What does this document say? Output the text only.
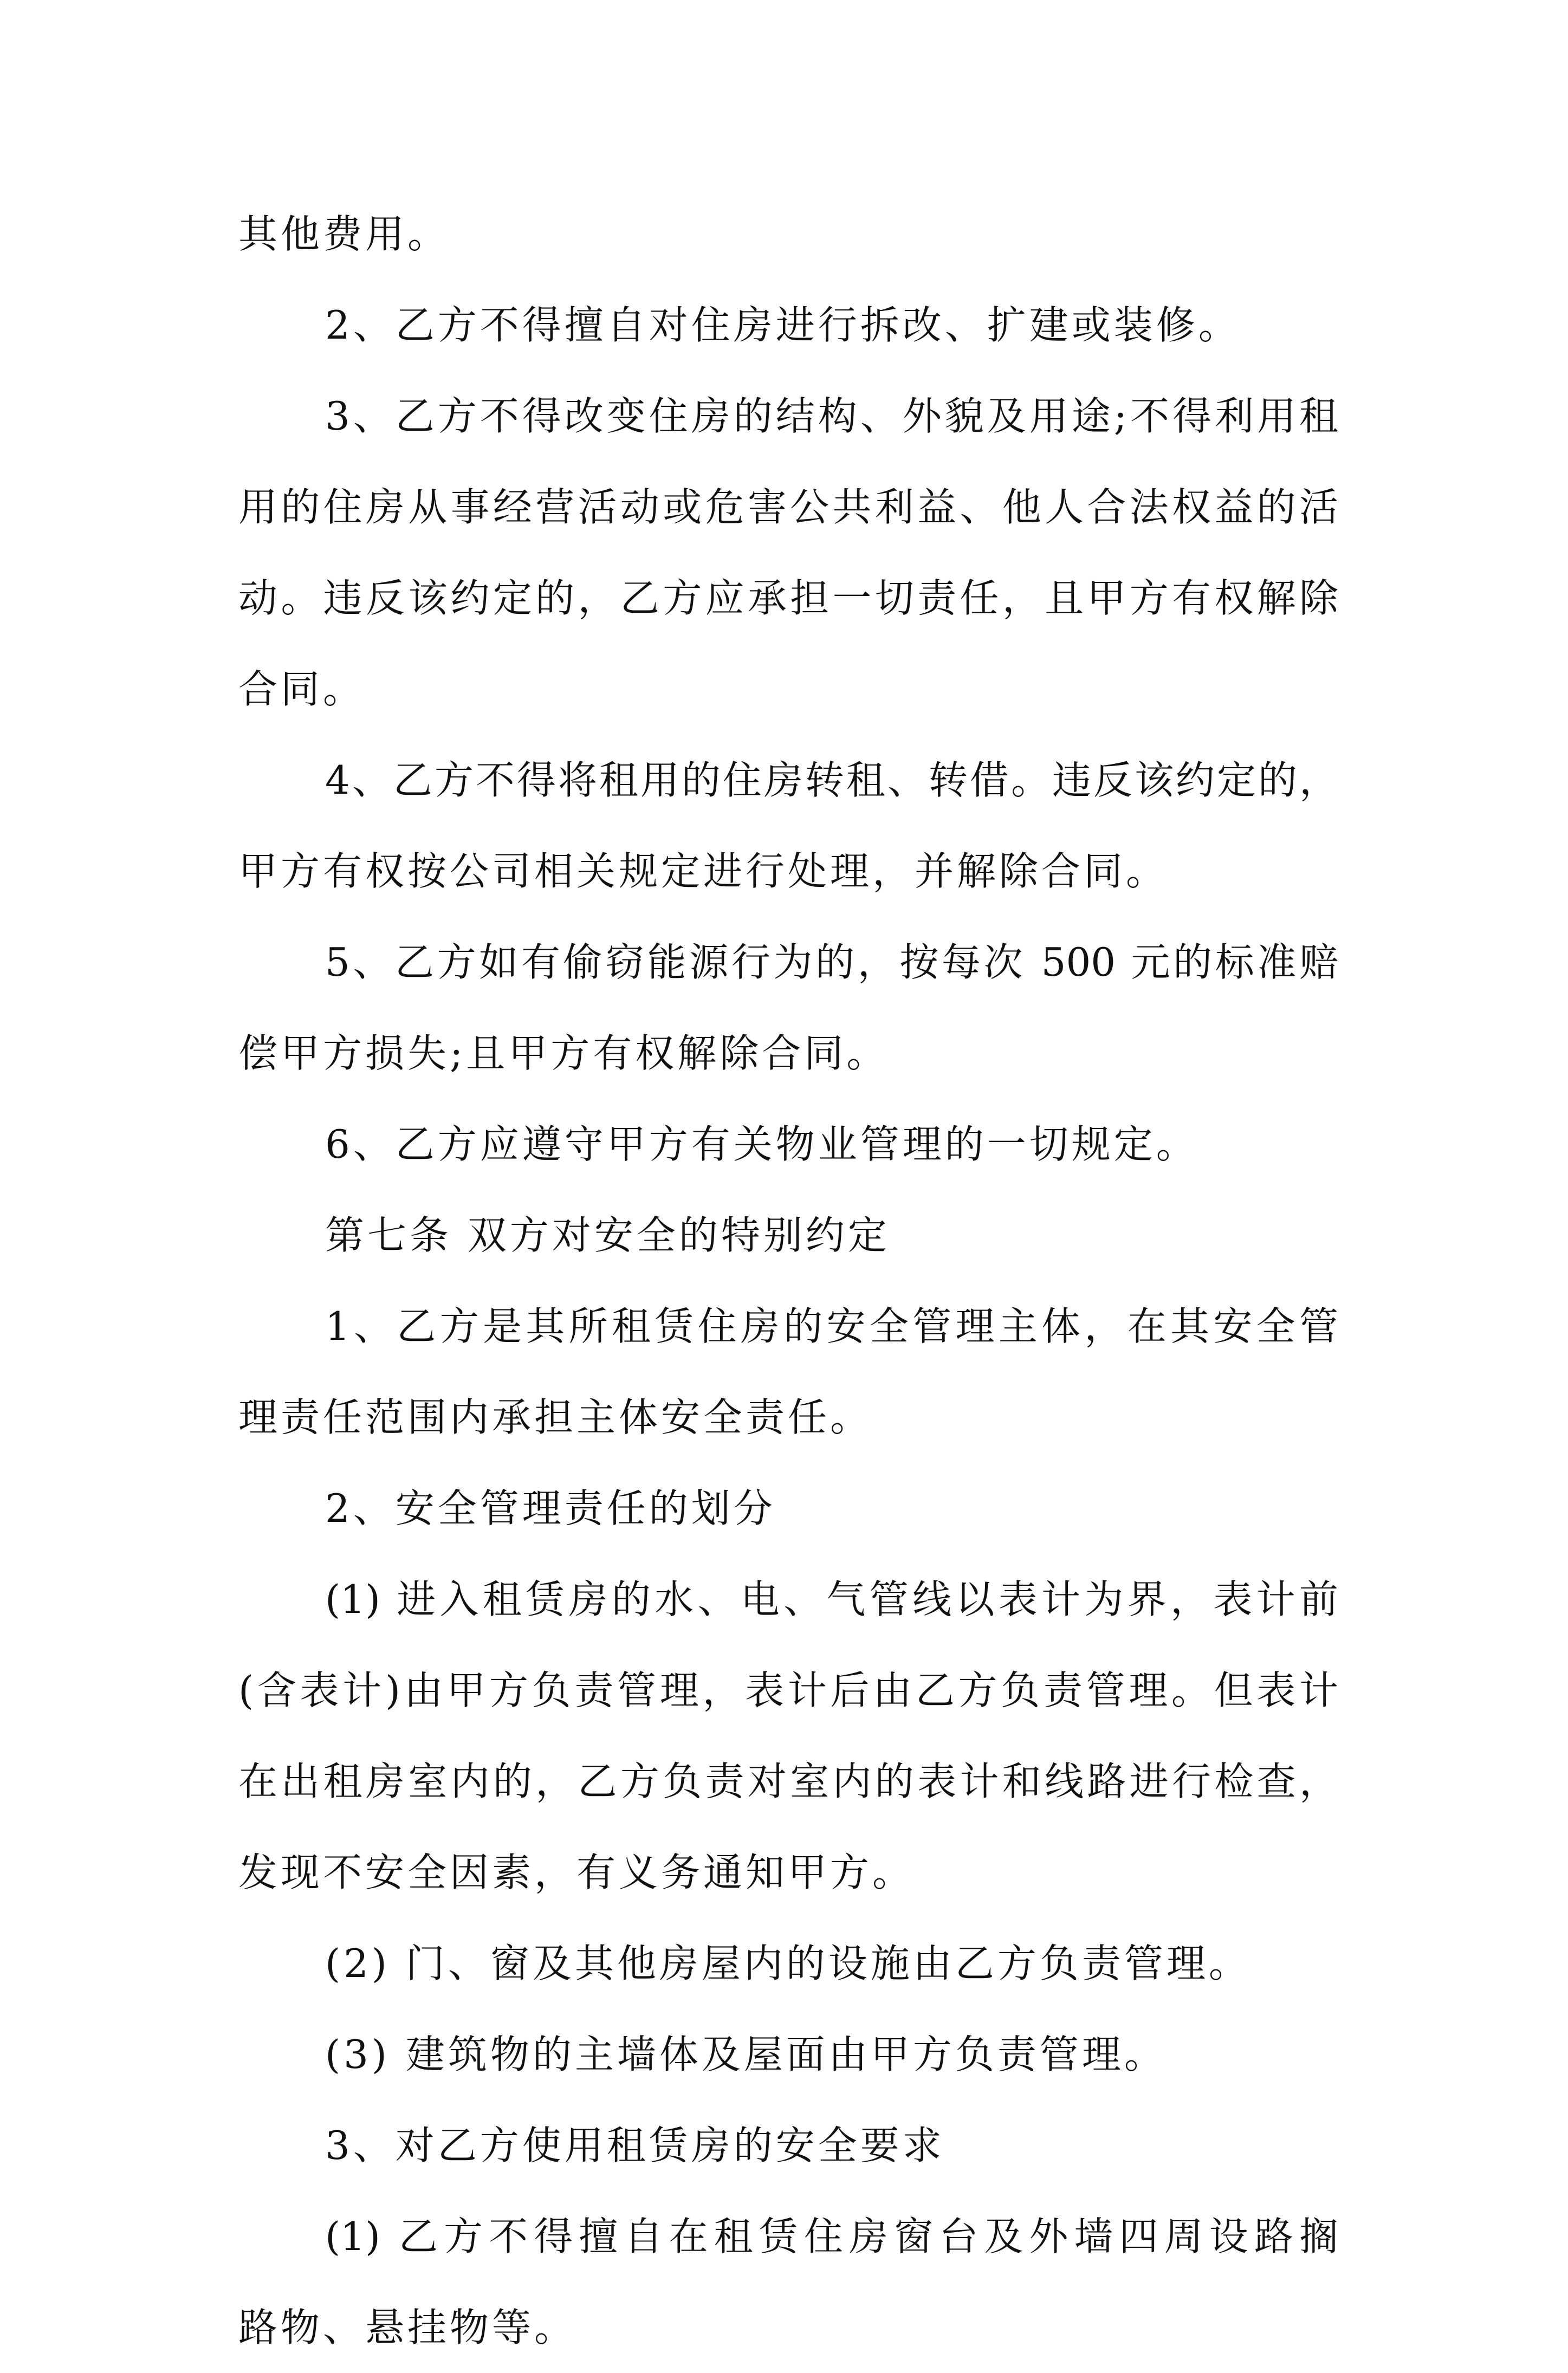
其他费用。
2、乙方不得擅自对住房进行拆改、扩建或装修。
3、乙方不得改变住房的结构、外貌及用途;不得利用租
用的住房从事经营活动或危害公共利益、他人合法权益的活
动。违反该约定的，乙方应承担一切责任，且甲方有权解除
合同。
4、乙方不得将租用的住房转租、转借。违反该约定的，
甲方有权按公司相关规定进行处理，并解除合同。
5、乙方如有偷窃能源行为的，按每次 500 元的标准赔
偿甲方损失;且甲方有权解除合同。
6、乙方应遵守甲方有关物业管理的一切规定。
第七条 双方对安全的特别约定
1、乙方是其所租赁住房的安全管理主体，在其安全管
理责任范围内承担主体安全责任。
2、安全管理责任的划分
(1) 进入租赁房的水、电、气管线以表计为界，表计前
(含表计)由甲方负责管理，表计后由乙方负责管理。但表计
在出租房室内的，乙方负责对室内的表计和线路进行检查，
发现不安全因素，有义务通知甲方。
(2) 门、窗及其他房屋内的设施由乙方负责管理。
(3) 建筑物的主墙体及屋面由甲方负责管理。
3、对乙方使用租赁房的安全要求
(1) 乙方不得擅自在租赁住房窗台及外墙四周设路搁
路物、悬挂物等。
